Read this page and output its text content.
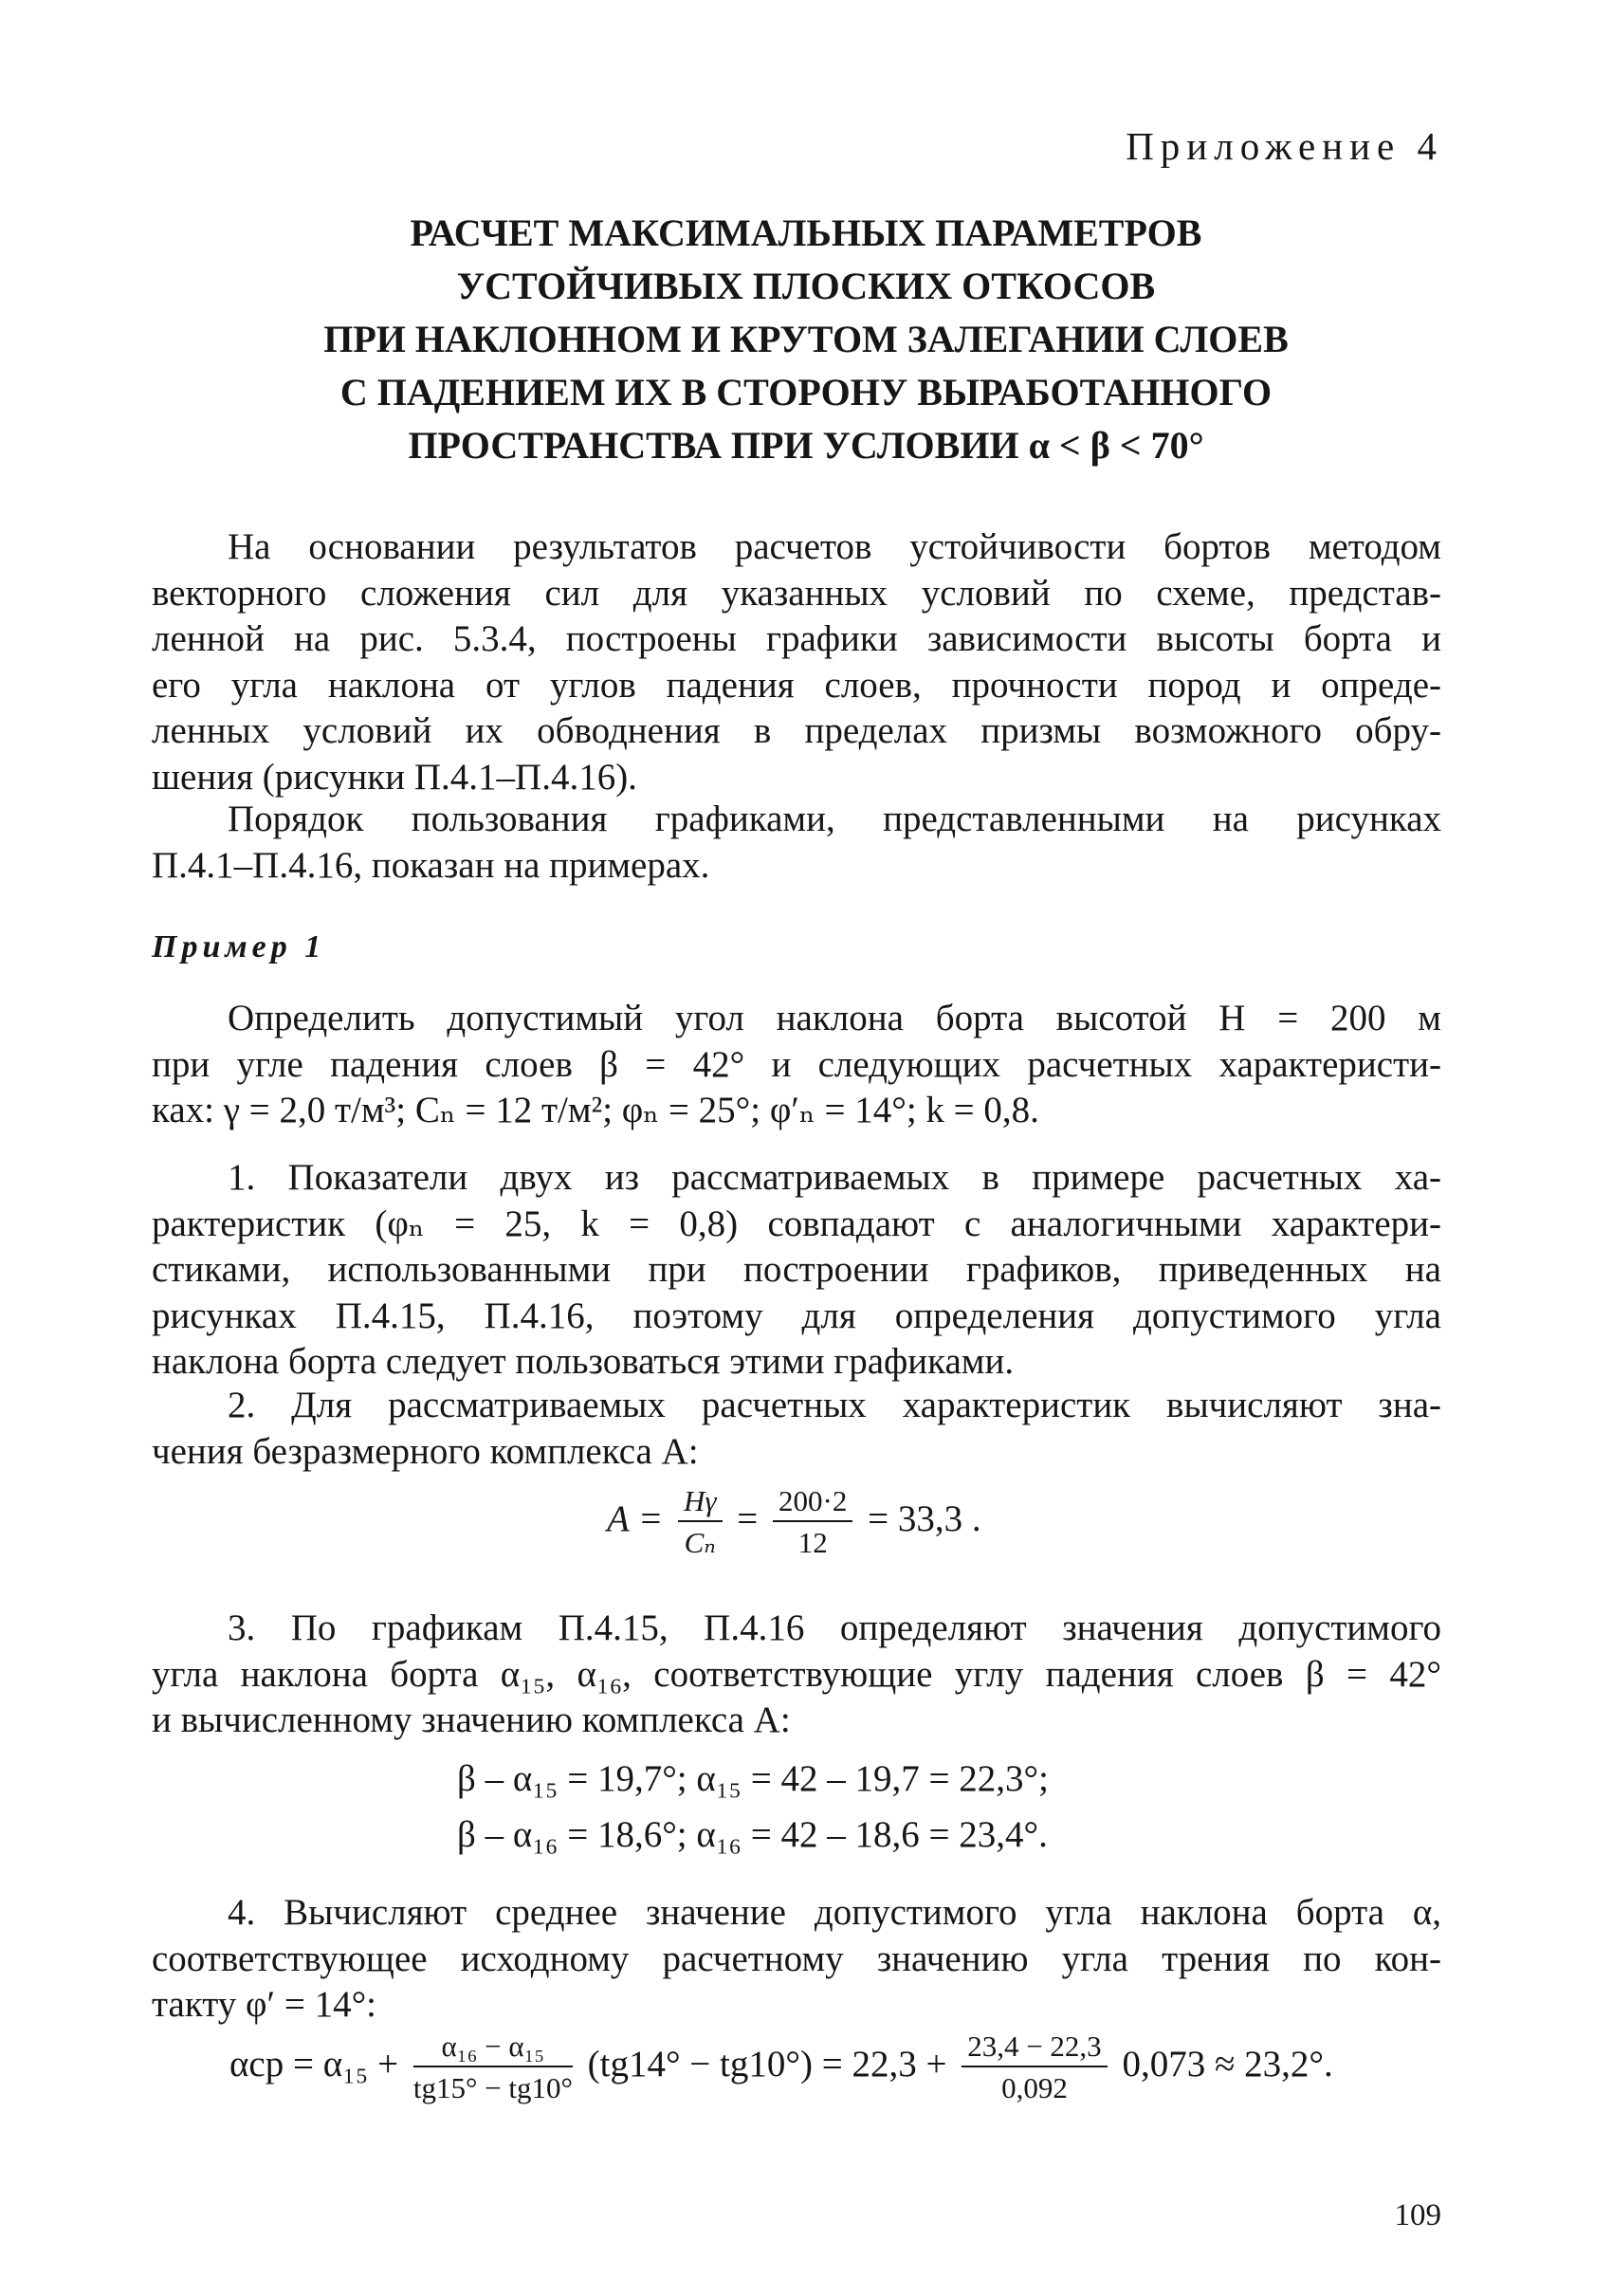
Приложение 4
РАСЧЕТ МАКСИМАЛЬНЫХ ПАРАМЕТРОВ
УСТОЙЧИВЫХ ПЛОСКИХ ОТКОСОВ
ПРИ НАКЛОННОМ И КРУТОМ ЗАЛЕГАНИИ СЛОЕВ
С ПАДЕНИЕМ ИХ В СТОРОНУ ВЫРАБОТАННОГО
ПРОСТРАНСТВА ПРИ УСЛОВИИ α < β < 70°
На основании результатов расчетов устойчивости бортов методом
векторного сложения сил для указанных условий по схеме, представ-
ленной на рис. 5.3.4, построены графики зависимости высоты борта и
его угла наклона от углов падения слоев, прочности пород и опреде-
ленных условий их обводнения в пределах призмы возможного обру-
шения (рисунки П.4.1–П.4.16).
Порядок пользования графиками, представленными на рисунках
П.4.1–П.4.16, показан на примерах.
Пример 1
Определить допустимый угол наклона борта высотой H = 200 м
при угле падения слоев β = 42° и следующих расчетных характеристи-
ках: γ = 2,0 т/м³; Cₙ = 12 т/м²; φₙ = 25°; φ′ₙ = 14°; k = 0,8.
1. Показатели двух из рассматриваемых в примере расчетных ха-
рактеристик (φₙ = 25, k = 0,8) совпадают с аналогичными характери-
стиками, использованными при построении графиков, приведенных на
рисунках П.4.15, П.4.16, поэтому для определения допустимого угла
наклона борта следует пользоваться этими графиками.
2. Для рассматриваемых расчетных характеристик вычисляют зна-
чения безразмерного комплекса A:
$A = \frac{H\gamma}{\text{Cₙ}} = \frac{200\cdot 2}{12} = 33,3$ .
3. По графикам П.4.15, П.4.16 определяют значения допустимого
угла наклона борта α₁₅, α₁₆, соответствующие углу падения слоев β = 42°
и вычисленному значению комплекса A:
β – α₁₅ = 19,7°; α₁₅ = 42 – 19,7 = 22,3°;
β – α₁₆ = 18,6°; α₁₆ = 42 – 18,6 = 23,4°.
4. Вычисляют среднее значение допустимого угла наклона борта α,
соответствующее исходному расчетному значению угла трения по кон-
такту φ′ = 14°:
$\alpha ср = \alpha_{15} + \frac{\text{α₁₆ − α₁₅}}{tg15^\circ - tg10^\circ} (tg14^\circ - tg10^\circ) = 22,3 + \frac{23,4 - 22,3}{0,092} 0,073 \approx 23,2^\circ$.
109
